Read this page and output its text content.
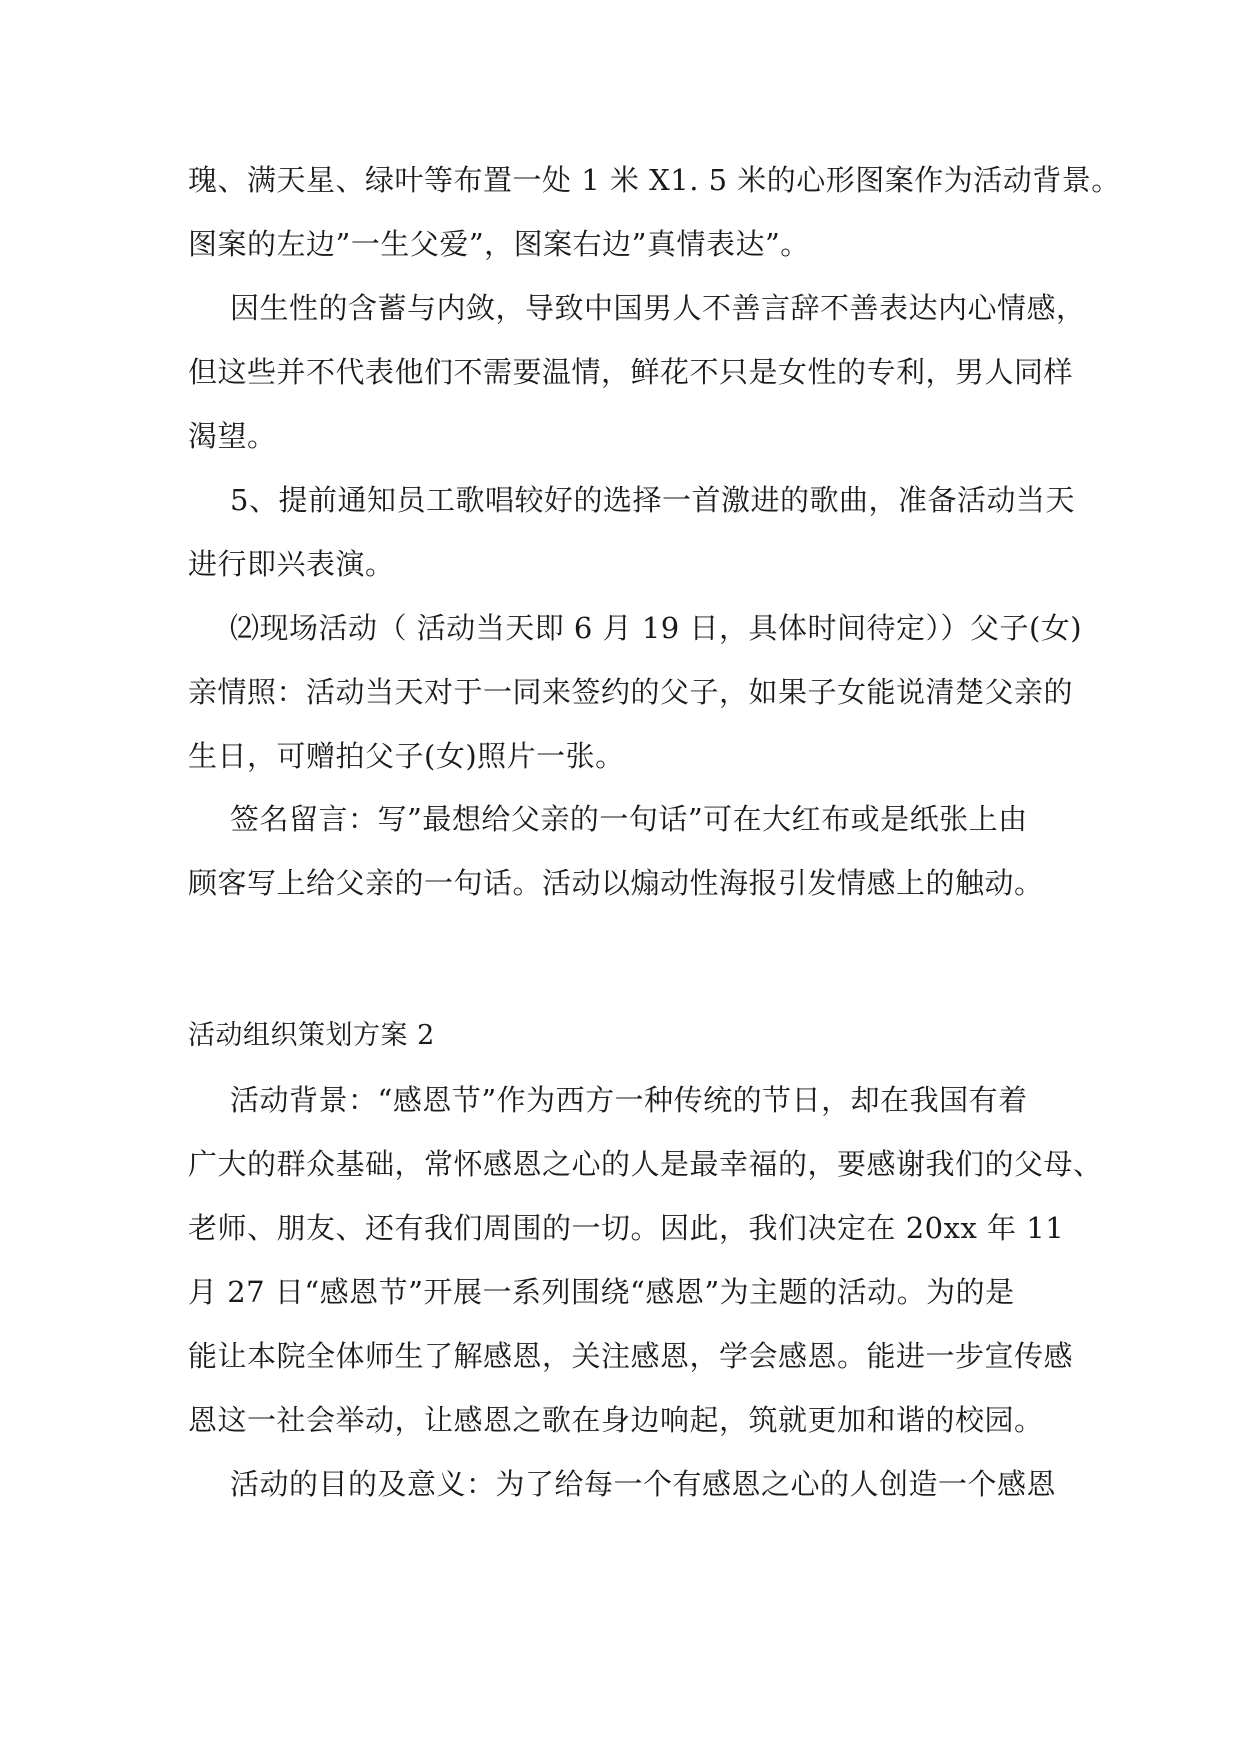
瑰、满天星、绿叶等布置一处 1 米 X1. 5 米的心形图案作为活动背景。
图案的左边”一生父爱”，图案右边”真情表达”。
因生性的含蓄与内敛，导致中国男人不善言辞不善表达内心情感，
但这些并不代表他们不需要温情，鲜花不只是女性的专利，男人同样
渴望。
5、提前通知员工歌唱较好的选择一首激进的歌曲，准备活动当天
进行即兴表演。
⑵现场活动（ 活动当天即 6 月 19 日，具体时间待定））父子(女)
亲情照：活动当天对于一同来签约的父子，如果子女能说清楚父亲的
生日，可赠拍父子(女)照片一张。
签名留言：写”最想给父亲的一句话”可在大红布或是纸张上由
顾客写上给父亲的一句话。活动以煽动性海报引发情感上的触动。
活动组织策划方案 2
活动背景：“感恩节”作为西方一种传统的节日，却在我国有着
广大的群众基础，常怀感恩之心的人是最幸福的，要感谢我们的父母、
老师、朋友、还有我们周围的一切。因此，我们决定在 20xx 年 11
月 27 日“感恩节”开展一系列围绕“感恩”为主题的活动。为的是
能让本院全体师生了解感恩，关注感恩，学会感恩。能进一步宣传感
恩这一社会举动，让感恩之歌在身边响起，筑就更加和谐的校园。
活动的目的及意义：为了给每一个有感恩之心的人创造一个感恩
